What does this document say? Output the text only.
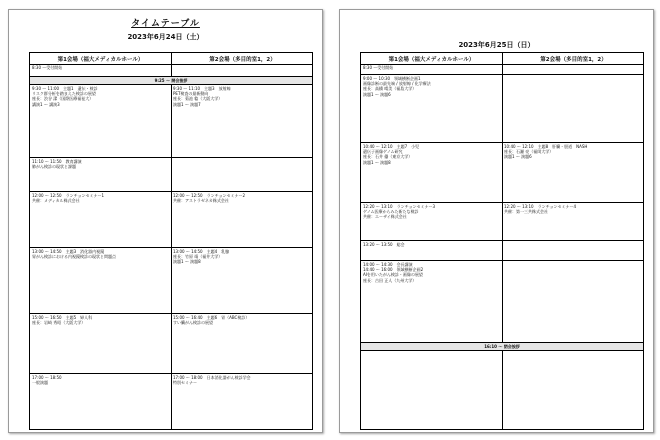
タイムテーブル
2023年6月24日（土）
第1会場（福大メディカルホール）	第2会場（多目的室1，2）
8:30 ～受付開始
9:25 ～ 開会挨拶
9:30 ～ 11:00　主題1　遺伝・検診
リスク群分析を踏まえた検診の展望
座長：渋谷 潔（国際医療福祉大）
講演1 ～ 講演3
9:30 ～ 11:10　主題3　放射線
PET検査の最新動向
座長：菊池 稔（大阪大学）
演題1 ～ 演題7
11:10 ～ 11:50　教育講演
肺がん検診の現状と課題
12:00 ～ 12:50　ランチョンセミナー1
共催：メディカル株式会社
12:00 ～ 12:50　ランチョンセミナー2
共催：アストラゼネカ株式会社
13:00 ～ 14:50　主題3　消化器内視鏡
胃がん検診における内視鏡検診の現状と問題点
13:00 ～ 14:50　主題4　乳腺
座長：竹原 靖（福井大学）
演題1 ～ 演題8
15:00 ～ 16:50　主題5　婦人科
座長：岩崎 秀昭（大阪大学）
15:00 ～ 16:40　主題6　胃（ABC検診）
すい臓がん検診の展望
17:00 ～ 18:50
一般演題
17:00 ～ 18:00　日本消化器がん検診学会
特別セミナー
2023年6月25日（日）
第1会場（福大メディカルホール）	第2会場（多目的室1，2）
8:30 ～受付開始
9:00 ～ 10:30　領域横断企画1
画像診断の最先端 / 放射線 / 化学療法
座長：高橋 晴美（福島大学）
演題1 ～ 演題6
10:40 ～ 12:10　主題7　小児
遺伝子画像ゲノム研究
座長：石井 優（東京大学）
演題1 ～ 演題8
10:40 ～ 12:10　主題8　肝臓・胆道　NASH
座長：石瀬 亮（福岡大学）
演題1 ～ 演題6
12:20 ～ 13:10　ランチョンセミナー3
ゲノム医療からみた新たな検診
共催：エーザイ株式会社
12:20 ～ 13:10　ランチョンセミナー4
共催：第一三共株式会社
13:20 ～ 13:50　総会
14:00 ～ 14:30　会長講演
14:40 ～ 16:00　領域横断企画2
AIを用いたがん検診・画像の展望
座長：古田 正人（九州大学）
16:10 ～ 閉会挨拶
